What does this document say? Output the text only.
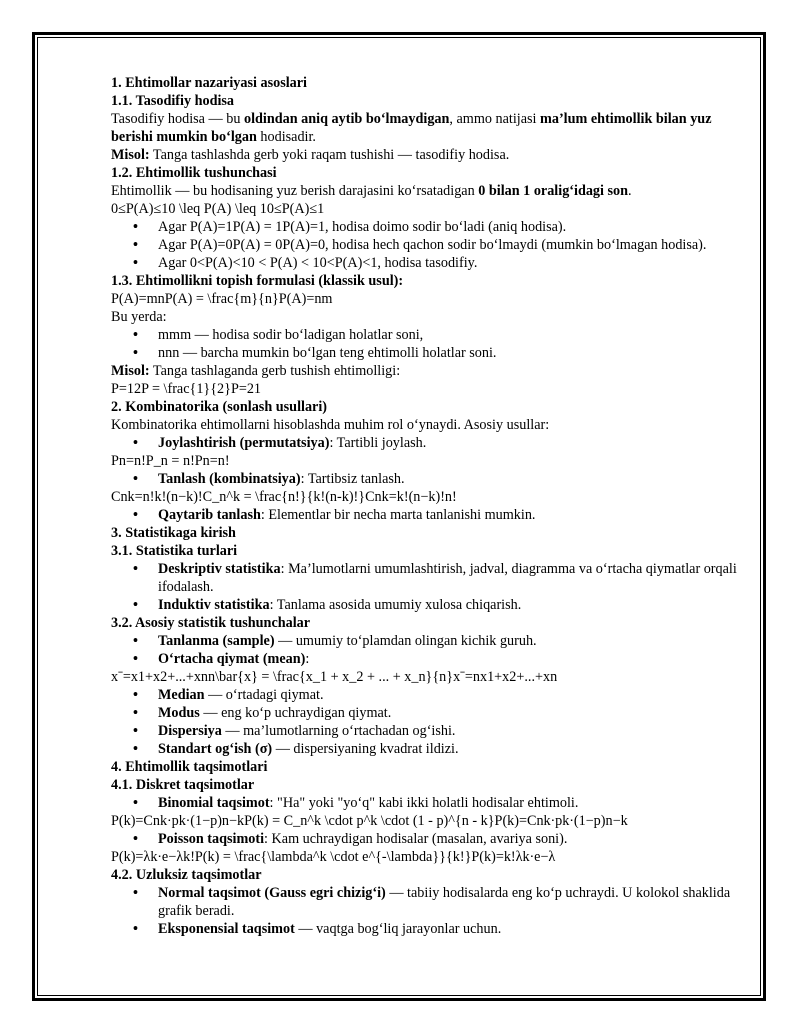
1. Ehtimollar nazariyasi asoslari

1.1. Tasodifiy hodisa

Tasodifiy hodisa — bu oldindan aniq aytib bo‘lmaydigan, ammo natijasi ma’lum ehtimollik bilan yuz berishi mumkin bo‘lgan hodisadir.

Misol: Tanga tashlashda gerb yoki raqam tushishi — tasodifiy hodisa.

1.2. Ehtimollik tushunchasi

Ehtimollik — bu hodisaning yuz berish darajasini ko‘rsatadigan 0 bilan 1 oralig‘idagi son.

0≤P(A)≤10 \leq P(A) \leq 10≤P(A)≤1

• Agar P(A)=1P(A) = 1P(A)=1, hodisa doimo sodir bo‘ladi (aniq hodisa).
• Agar P(A)=0P(A) = 0P(A)=0, hodisa hech qachon sodir bo‘lmaydi (mumkin bo‘lmagan hodisa).
• Agar 0<P(A)<10 < P(A) < 10<P(A)<1, hodisa tasodifiy.

1.3. Ehtimollikni topish formulasi (klassik usul):

P(A)=mnP(A) = \frac{m}{n}P(A)=nm

Bu yerda:

• mmm — hodisa sodir bo‘ladigan holatlar soni,
• nnn — barcha mumkin bo‘lgan teng ehtimolli holatlar soni.

Misol: Tanga tashlaganda gerb tushish ehtimolligi:

P=12P = \frac{1}{2}P=21

2. Kombinatorika (sonlash usullari)

Kombinatorika ehtimollarni hisoblashda muhim rol o‘ynaydi. Asosiy usullar:

• Joylashtirish (permutatsiya): Tartibli joylash.

Pn=n!P_n = n!Pn=n!

• Tanlash (kombinatsiya): Tartibsiz tanlash.

Cnk=n!k!(n−k)!C_n^k = \frac{n!}{k!(n-k)!}Cnk=k!(n−k)!n!

• Qaytarib tanlash: Elementlar bir necha marta tanlanishi mumkin.

3. Statistikaga kirish

3.1. Statistika turlari

• Deskriptiv statistika: Ma’lumotlarni umumlashtirish, jadval, diagramma va o‘rtacha qiymatlar orqali ifodalash.
• Induktiv statistika: Tanlama asosida umumiy xulosa chiqarish.

3.2. Asosiy statistik tushunchalar

• Tanlanma (sample) — umumiy to‘plamdan olingan kichik guruh.
• O‘rtacha qiymat (mean):

xˉ=x1+x2+...+xnn\bar{x} = \frac{x_1 + x_2 + ... + x_n}{n}xˉ=nx1+x2+...+xn

• Median — o‘rtadagi qiymat.
• Modus — eng ko‘p uchraydigan qiymat.
• Dispersiya — ma’lumotlarning o‘rtachadan og‘ishi.
• Standart og‘ish (σ) — dispersiyaning kvadrat ildizi.

4. Ehtimollik taqsimotlari

4.1. Diskret taqsimotlar

• Binomial taqsimot: "Ha" yoki "yo‘q" kabi ikki holatli hodisalar ehtimoli.

P(k)=Cnk⋅pk⋅(1−p)n−kP(k) = C_n^k \cdot p^k \cdot (1 - p)^{n - k}P(k)=Cnk⋅pk⋅(1−p)n−k

• Poisson taqsimoti: Kam uchraydigan hodisalar (masalan, avariya soni).

P(k)=λk⋅e−λk!P(k) = \frac{\lambda^k \cdot e^{-\lambda}}{k!}P(k)=k!λk⋅e−λ

4.2. Uzluksiz taqsimotlar

• Normal taqsimot (Gauss egri chizig‘i) — tabiiy hodisalarda eng ko‘p uchraydi. U kolokol shaklida grafik beradi.
• Eksponensial taqsimot — vaqtga bog‘liq jarayonlar uchun.
